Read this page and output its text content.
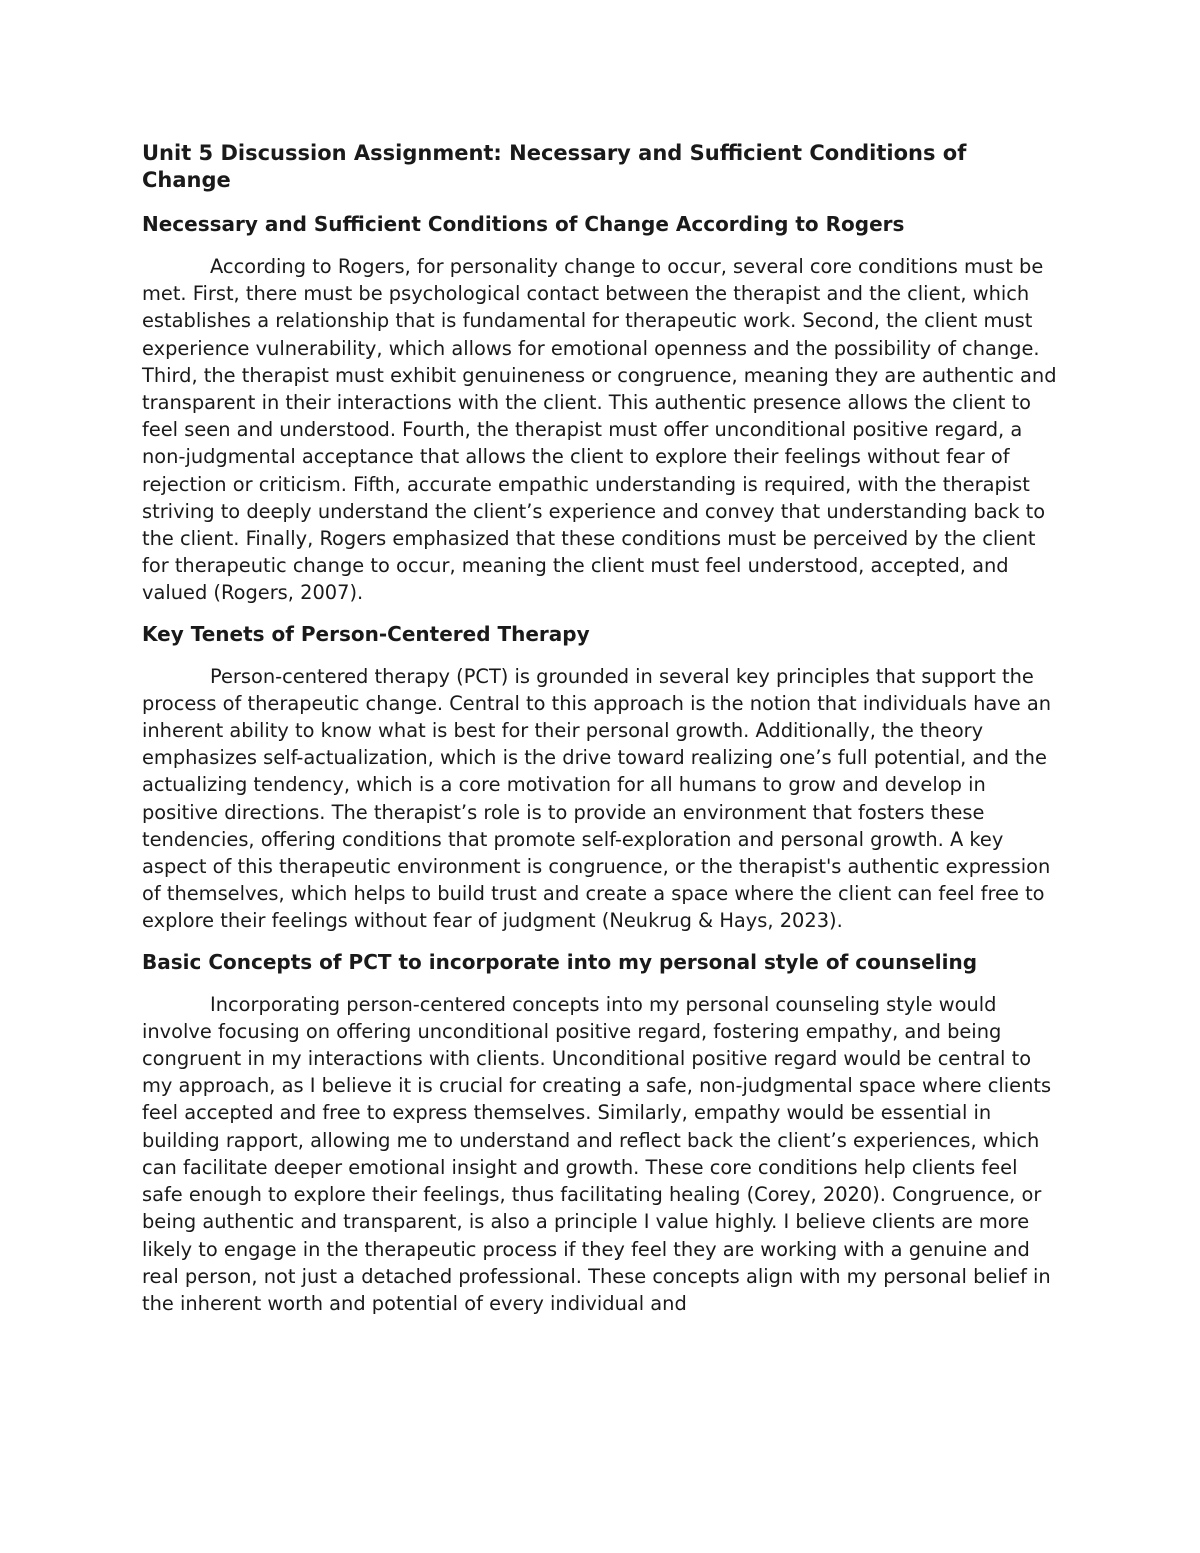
Unit 5 Discussion Assignment: Necessary and Sufficient Conditions of Change
Necessary and Sufficient Conditions of Change According to Rogers

According to Rogers, for personality change to occur, several core conditions must be met. First, there must be psychological contact between the therapist and the client, which establishes a relationship that is fundamental for therapeutic work. Second, the client must experience vulnerability, which allows for emotional openness and the possibility of change. Third, the therapist must exhibit genuineness or congruence, meaning they are authentic and transparent in their interactions with the client. This authentic presence allows the client to feel seen and understood. Fourth, the therapist must offer unconditional positive regard, a non-judgmental acceptance that allows the client to explore their feelings without fear of rejection or criticism. Fifth, accurate empathic understanding is required, with the therapist striving to deeply understand the client’s experience and convey that understanding back to the client. Finally, Rogers emphasized that these conditions must be perceived by the client for therapeutic change to occur, meaning the client must feel understood, accepted, and valued (Rogers, 2007).

Key Tenets of Person-Centered Therapy

Person-centered therapy (PCT) is grounded in several key principles that support the process of therapeutic change. Central to this approach is the notion that individuals have an inherent ability to know what is best for their personal growth. Additionally, the theory emphasizes self-actualization, which is the drive toward realizing one’s full potential, and the actualizing tendency, which is a core motivation for all humans to grow and develop in positive directions. The therapist’s role is to provide an environment that fosters these tendencies, offering conditions that promote self-exploration and personal growth. A key aspect of this therapeutic environment is congruence, or the therapist's authentic expression of themselves, which helps to build trust and create a space where the client can feel free to explore their feelings without fear of judgment (Neukrug & Hays, 2023).

Basic Concepts of PCT to incorporate into my personal style of counseling

Incorporating person-centered concepts into my personal counseling style would involve focusing on offering unconditional positive regard, fostering empathy, and being congruent in my interactions with clients. Unconditional positive regard would be central to my approach, as I believe it is crucial for creating a safe, non-judgmental space where clients feel accepted and free to express themselves. Similarly, empathy would be essential in building rapport, allowing me to understand and reflect back the client’s experiences, which can facilitate deeper emotional insight and growth. These core conditions help clients feel safe enough to explore their feelings, thus facilitating healing (Corey, 2020). Congruence, or being authentic and transparent, is also a principle I value highly. I believe clients are more likely to engage in the therapeutic process if they feel they are working with a genuine and real person, not just a detached professional. These concepts align with my personal belief in the inherent worth and potential of every individual and
